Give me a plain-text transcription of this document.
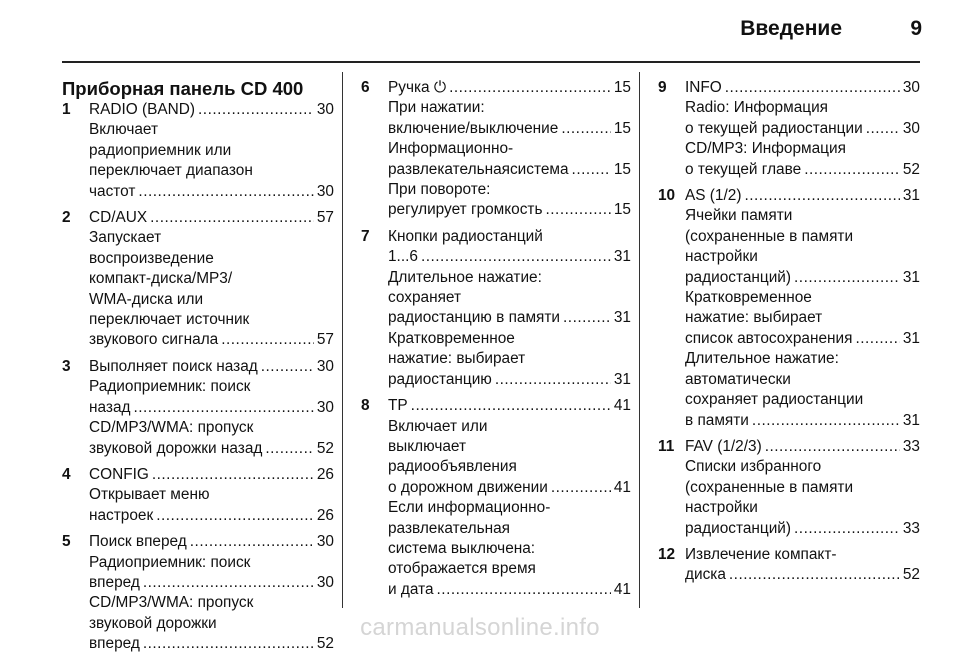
Введение	9
Приборная панель CD 400
1	RADIO (BAND) .....	30
Включает
радиоприемник или
переключает диапазон
частот .....	30
2	CD/AUX .....	57
Запускает
воспроизведение
компакт-диска/MP3/
WMA-диска или
переключает источник
звукового сигнала .....	57
3	Выполняет поиск назад .....	30
Радиоприемник: поиск
назад .....	30
CD/MP3/WMA: пропуск
звуковой дорожки назад .....	52
4	CONFIG .....	26
Открывает меню
настроек .....	26
5	Поиск вперед .....	30
Радиоприемник: поиск
вперед .....	30
CD/MP3/WMA: пропуск
звуковой дорожки
вперед .....	52
6	Ручка ⏻ .....	15
При нажатии:
включение/выключение .....	15
Информационно-
развлекательнаясистема .....	15
При повороте:
регулирует громкость .....	15
7	Кнопки радиостанций
1...6 .....	31
Длительное нажатие:
сохраняет
радиостанцию в памяти .....	31
Кратковременное
нажатие: выбирает
радиостанцию .....	31
8	TP .....	41
Включает или
выключает
радиообъявления
о дорожном движении .....	41
Если информационно-
развлекательная
система выключена:
отображается время
и дата .....	41
9	INFO .....	30
Radio: Информация
о текущей радиостанции .....	30
CD/MP3: Информация
о текущей главе .....	52
10 AS (1/2) .....	31
Ячейки памяти
(сохраненные в памяти
настройки
радиостанций) .....	31
Кратковременное
нажатие: выбирает
список автосохранения .....	31
Длительное нажатие:
автоматически
сохраняет радиостанции
в памяти .....	31
11 FAV (1/2/3) .....	33
Списки избранного
(сохраненные в памяти
настройки
радиостанций) .....	33
12 Извлечение компакт-
диска .....	52
carmanualsonline.info
